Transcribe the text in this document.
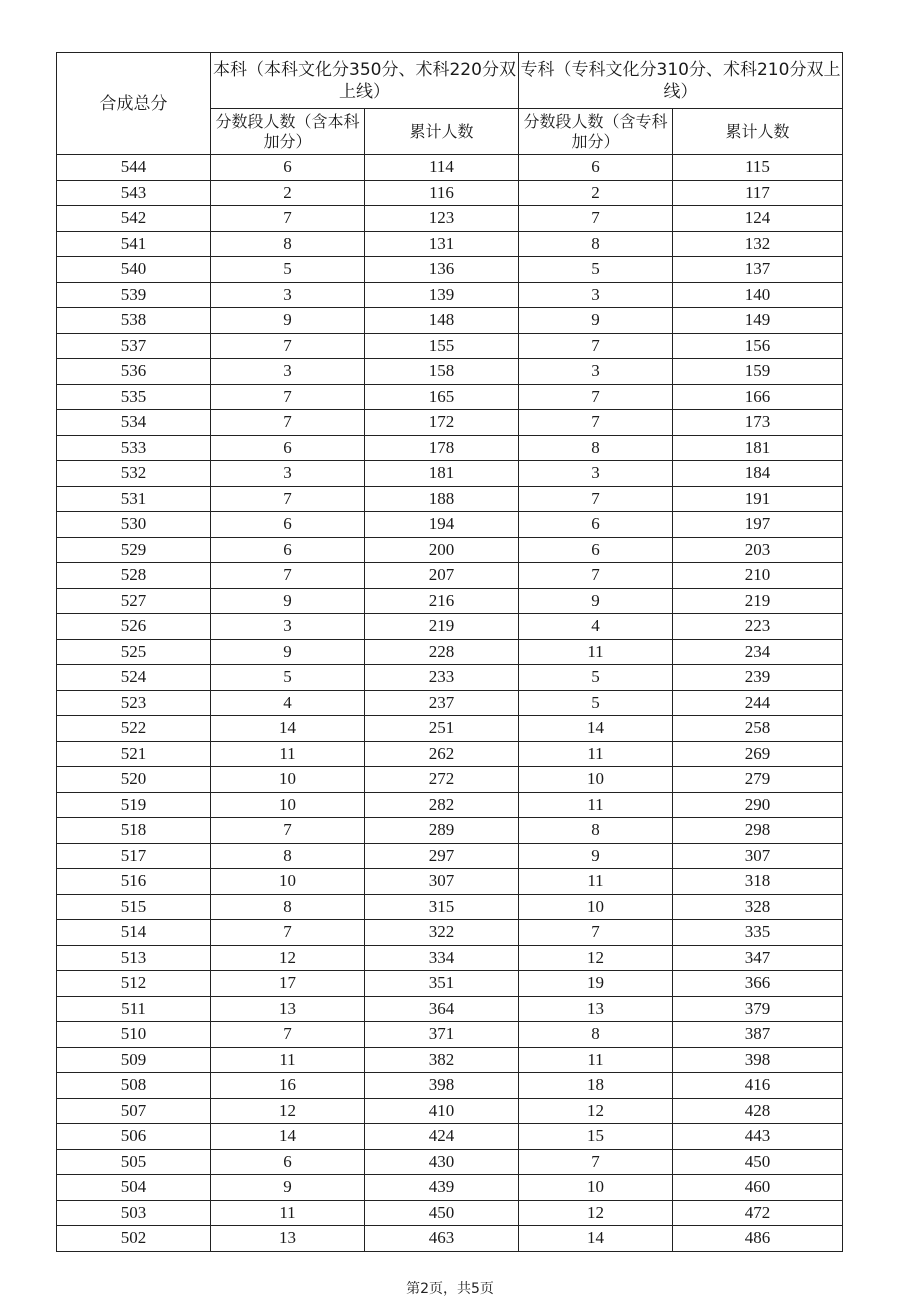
合成总分	本科（本科文化分350分、术科220分双上线）		专科（专科文化分310分、术科210分双上线）	
	分数段人数（含本科加分）	累计人数	分数段人数（含专科加分）	累计人数
544	6	114	6	115
543	2	116	2	117
542	7	123	7	124
541	8	131	8	132
540	5	136	5	137
539	3	139	3	140
538	9	148	9	149
537	7	155	7	156
536	3	158	3	159
535	7	165	7	166
534	7	172	7	173
533	6	178	8	181
532	3	181	3	184
531	7	188	7	191
530	6	194	6	197
529	6	200	6	203
528	7	207	7	210
527	9	216	9	219
526	3	219	4	223
525	9	228	11	234
524	5	233	5	239
523	4	237	5	244
522	14	251	14	258
521	11	262	11	269
520	10	272	10	279
519	10	282	11	290
518	7	289	8	298
517	8	297	9	307
516	10	307	11	318
515	8	315	10	328
514	7	322	7	335
513	12	334	12	347
512	17	351	19	366
511	13	364	13	379
510	7	371	8	387
509	11	382	11	398
508	16	398	18	416
507	12	410	12	428
506	14	424	15	443
505	6	430	7	450
504	9	439	10	460
503	11	450	12	472
502	13	463	14	486
第2页，共5页
